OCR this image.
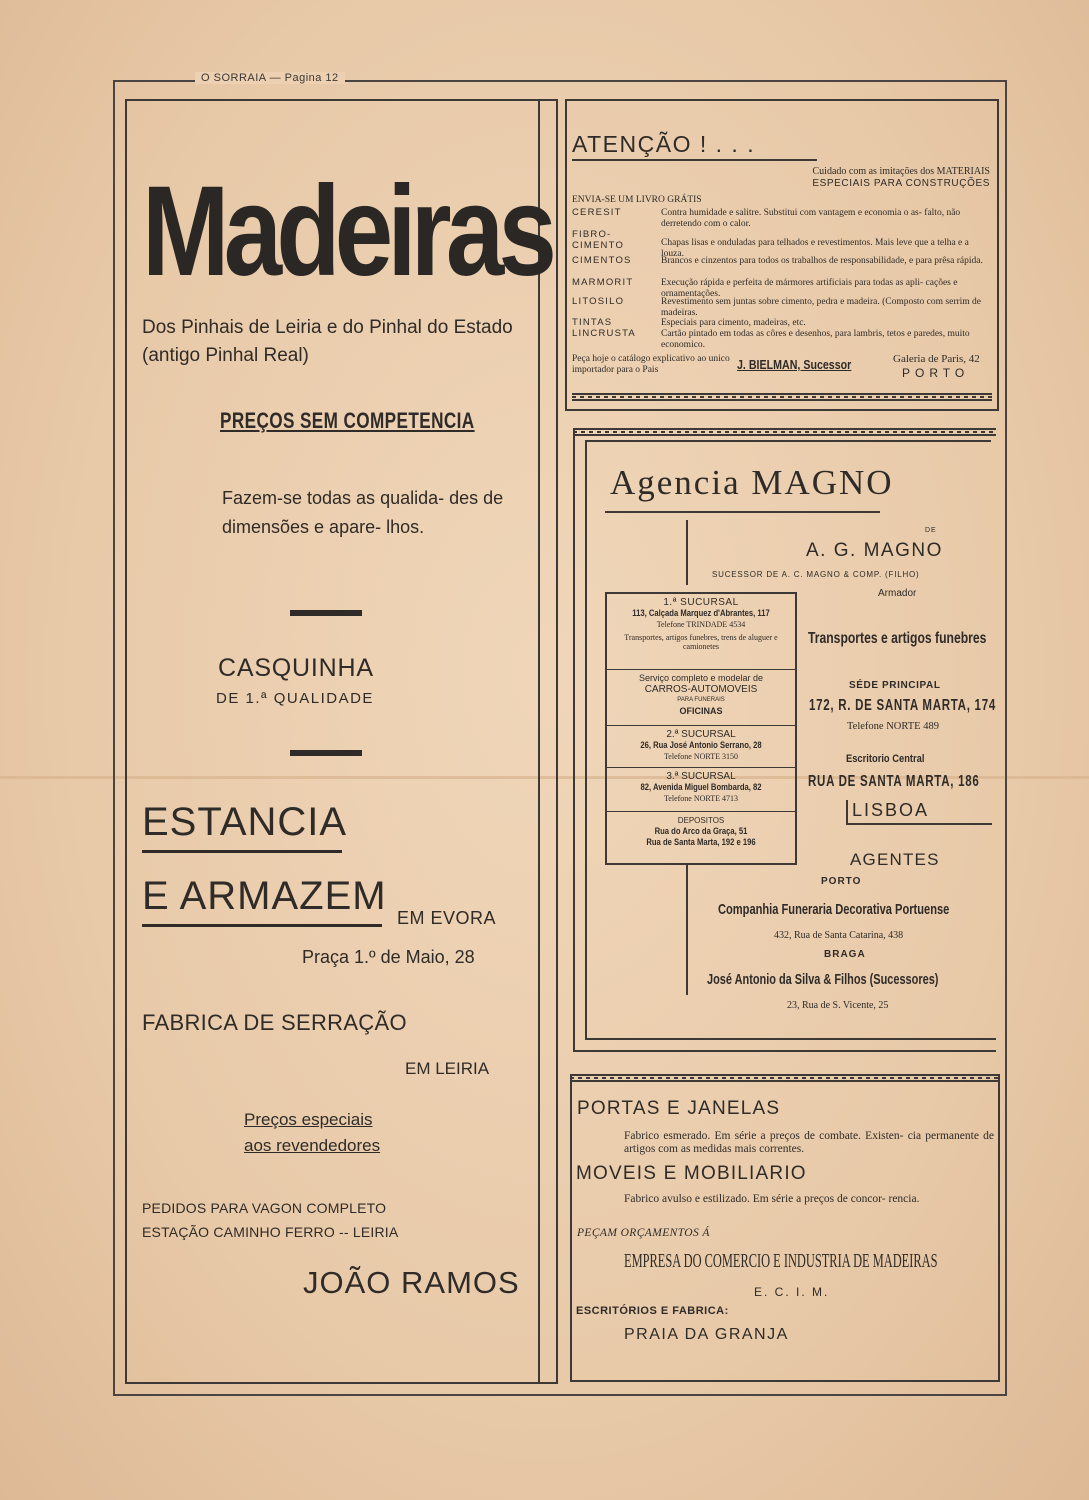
O SORRAIA — Pagina 12
Madeiras
Dos Pinhais de Leiria e do Pinhal do Estado (antigo Pinhal Real)
PREÇOS SEM COMPETENCIA
Fazem-se todas as qualida- des de dimensões e apare- lhos.
CASQUINHA
DE 1.ª QUALIDADE
ESTANCIA
E ARMAZEM EM EVORA
Praça 1.º de Maio, 28
FABRICA DE SERRAÇÃO
EM LEIRIA
Preços especiais
aos revendedores
PEDIDOS PARA VAGON COMPLETO
ESTAÇÃO CAMINHO FERRO -- LEIRIA
JOÃO RAMOS
ATENÇÃO ! . . .
Cuidado com as imitações dos MATERIAIS
ESPECIAIS PARA CONSTRUÇÕES
ENVIA-SE UM LIVRO GRÁTIS
CERESIT	Contra humidade e salitre. Substitui com vantagem e economia o as- falto, não derretendo com o calor.
FIBRO- CIMENTO	Chapas lisas e onduladas para telhados e revestimentos. Mais leve que a telha e a louza.
CIMENTOS	Brancos e cinzentos para todos os trabalhos de responsabilidade, e para prêsa rápida.
MARMORIT	Execução rápida e perfeita de mármores artificiais para todas as apli- cações e ornamentações.
LITOSILO	Revestimento sem juntas sobre cimento, pedra e madeira. (Composto com serrim de madeiras.
TINTAS	Especiais para cimento, madeiras, etc.
LINCRUSTA	Cartão pintado em todas as côres e desenhos, para lambris, tetos e paredes, muito economico.
Peça hoje o catálogo explicativo ao unico importador para o Pais	J. BIELMAN, Sucessor	Galeria de Paris, 42
PORTO
Agencia MAGNO
DE
A. G. MAGNO
SUCESSOR DE A. C. MAGNO & COMP. (FILHO)
Armador
Transportes e artigos funebres
SÉDE PRINCIPAL
172, R. DE SANTA MARTA, 174
Telefone NORTE 489
Escritorio Central
RUA DE SANTA MARTA, 186
LISBOA
AGENTES
PORTO
Companhia Funeraria Decorativa Portuense
432, Rua de Santa Catarina, 438
BRAGA
José Antonio da Silva & Filhos (Sucessores)
23, Rua de S. Vicente, 25
1.ª SUCURSAL
113, Calçada Marquez d'Abrantes, 117
Telefone TRINDADE 4534
Transportes, artigos funebres, trens de aluguer e camionetes
Serviço completo e modelar de
CARROS-AUTOMOVEIS
PARA FUNERAIS
OFICINAS
2.ª SUCURSAL
26, Rua José Antonio Serrano, 28
Telefone NORTE 3150
3.ª SUCURSAL
82, Avenida Miguel Bombarda, 82
Telefone NORTE 4713
DEPOSITOS
Rua do Arco da Graça, 51
Rua de Santa Marta, 192 e 196
PORTAS E JANELAS
Fabrico esmerado. Em série a preços de combate. Existen- cia permanente de artigos com as medidas mais correntes.
MOVEIS E MOBILIARIO
Fabrico avulso e estilizado. Em série a preços de concor- rencia.
PEÇAM ORÇAMENTOS Á
EMPRESA DO COMERCIO E INDUSTRIA DE MADEIRAS
E. C. I. M.
ESCRITÓRIOS E FABRICA:
PRAIA DA GRANJA
